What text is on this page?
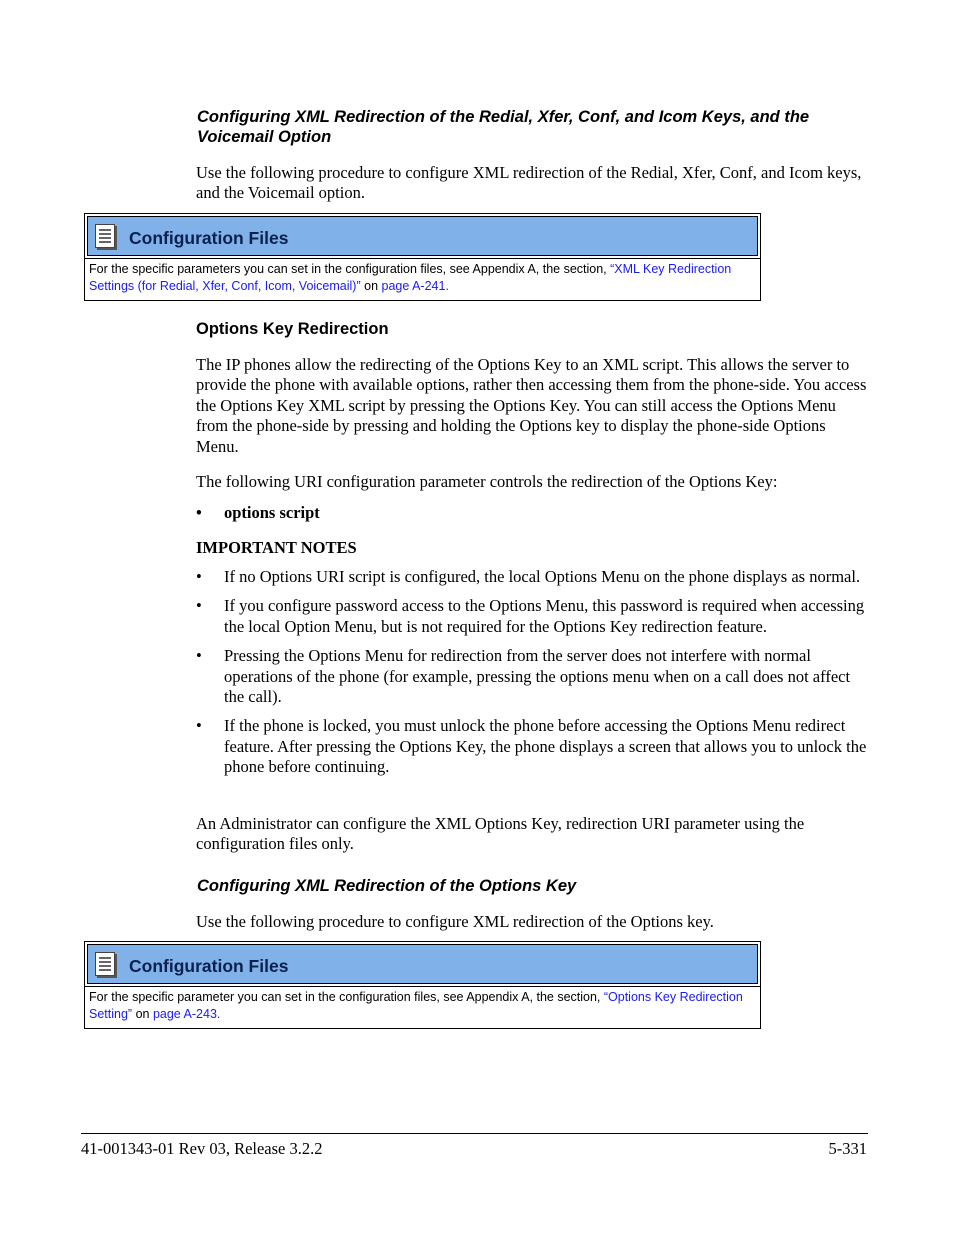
Configuring XML Redirection of the Redial, Xfer, Conf, and Icom Keys, and the
Voicemail Option

Use the following procedure to configure XML redirection of the Redial, Xfer, Conf, and Icom keys, and the Voicemail option.

Configuration Files
For the specific parameters you can set in the configuration files, see Appendix A, the section, “XML Key Redirection Settings (for Redial, Xfer, Conf, Icom, Voicemail)” on page A-241.
Options Key Redirection

The IP phones allow the redirecting of the Options Key to an XML script. This allows the server to provide the phone with available options, rather then accessing them from the phone-side. You access the Options Key XML script by pressing the Options Key. You can still access the Options Menu from the phone-side by pressing and holding the Options key to display the phone-side Options Menu.

The following URI configuration parameter controls the redirection of the Options Key:

• options script
IMPORTANT NOTES
• If no Options URI script is configured, the local Options Menu on the phone displays as normal.
• If you configure password access to the Options Menu, this password is required when accessing the local Option Menu, but is not required for the Options Key redirection feature.
• Pressing the Options Menu for redirection from the server does not interfere with normal operations of the phone (for example, pressing the options menu when on a call does not affect the call).
• If the phone is locked, you must unlock the phone before accessing the Options Menu redirect feature. After pressing the Options Key, the phone displays a screen that allows you to unlock the phone before continuing.

An Administrator can configure the XML Options Key, redirection URI parameter using the configuration files only.

Configuring XML Redirection of the Options Key

Use the following procedure to configure XML redirection of the Options key.

Configuration Files
For the specific parameter you can set in the configuration files, see Appendix A, the section, “Options Key Redirection Setting” on page A-243.
41-001343-01 Rev 03, Release 3.2.2	5-331
